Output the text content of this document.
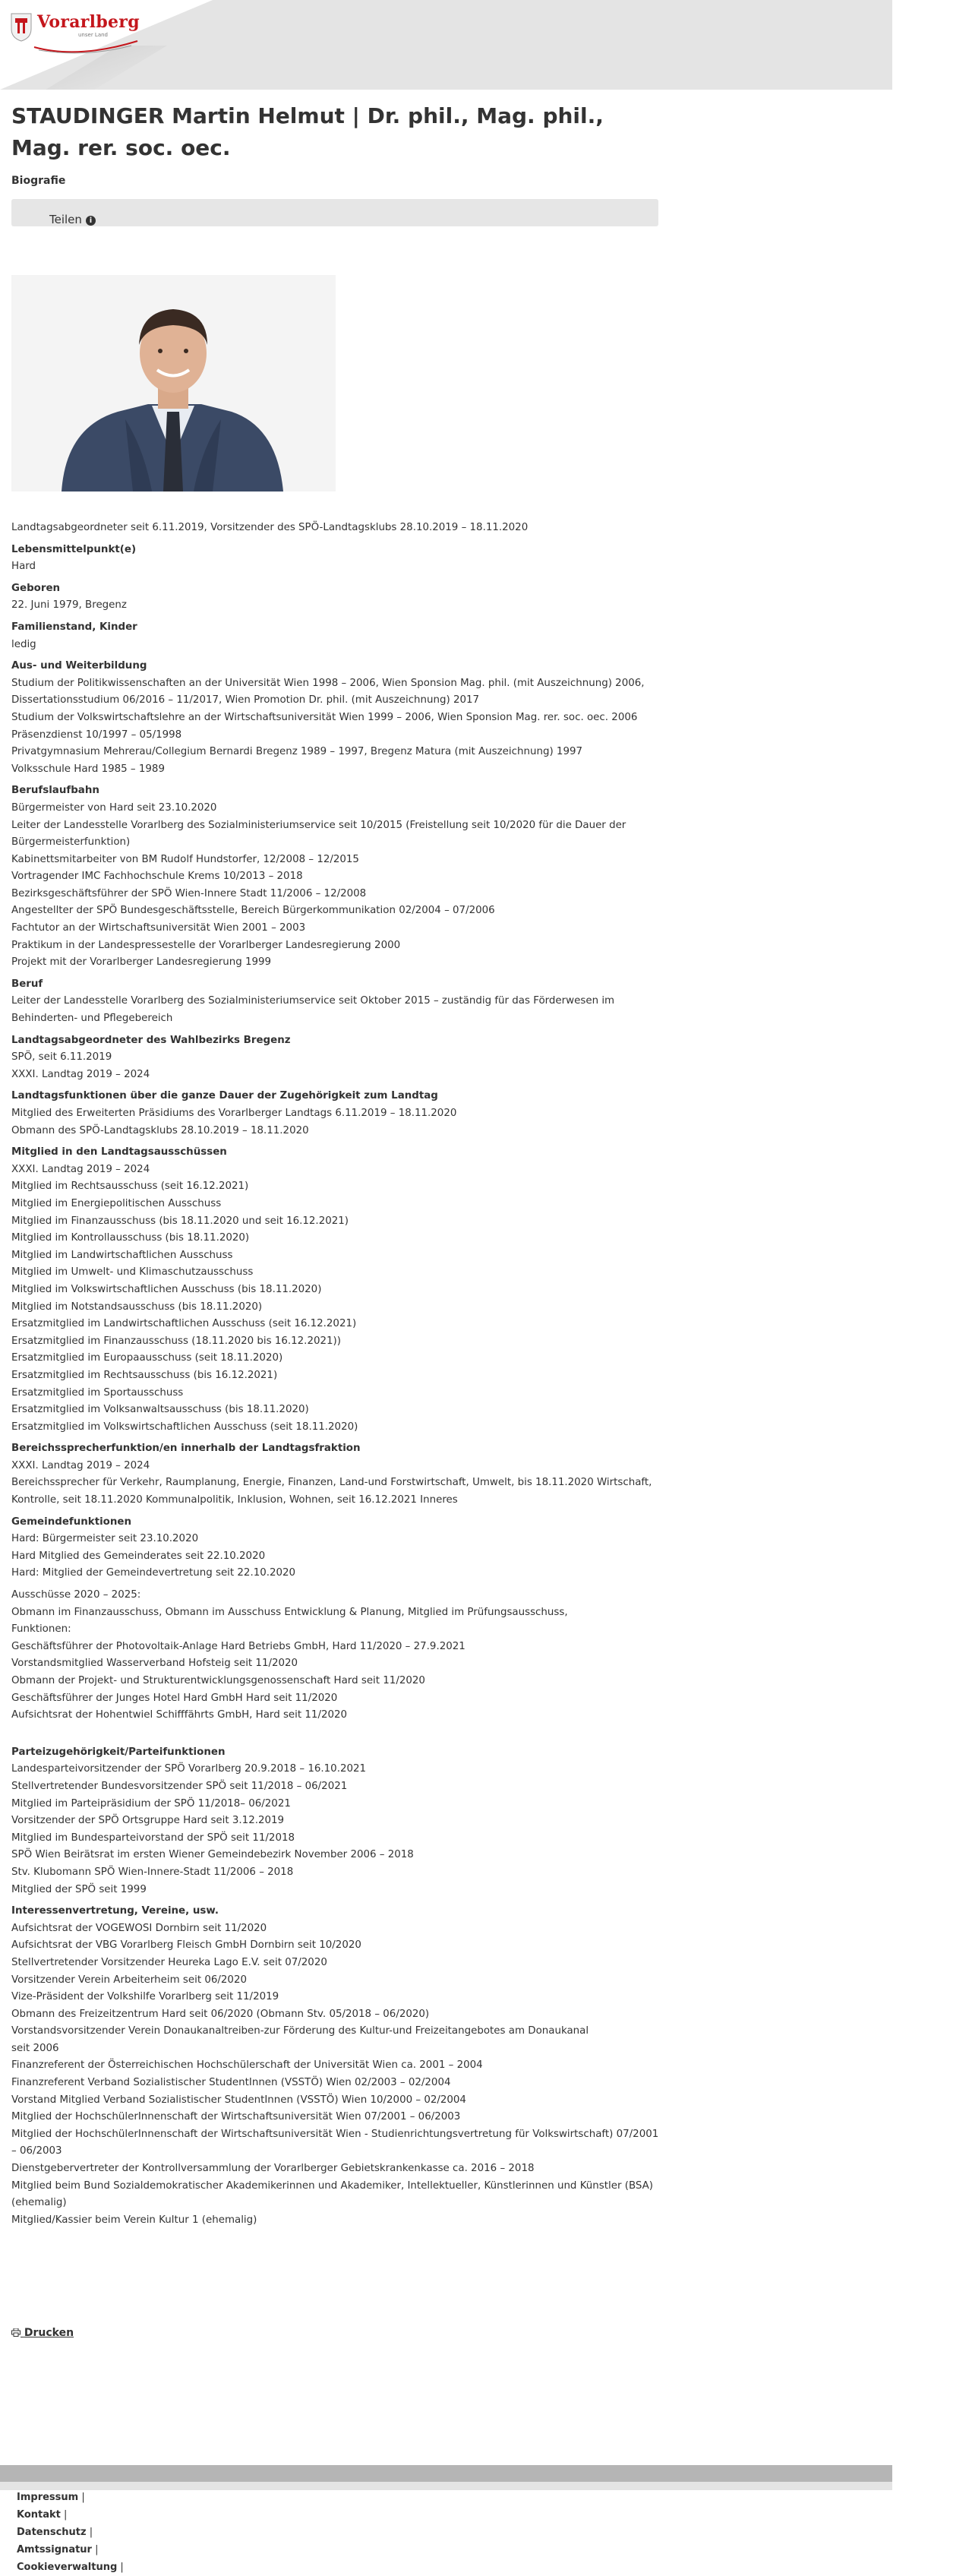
Vorarlberg
unser Land
STAUDINGER Martin Helmut | Dr. phil., Mag. phil., Mag. rer. soc. oec.
Biografie
Teilen i
Landtagsabgeordneter seit 6.11.2019, Vorsitzender des SPÖ-Landtagsklubs 28.10.2019 – 18.11.2020
Lebensmittelpunkt(e)
Hard
Geboren
22. Juni 1979, Bregenz
Familienstand, Kinder
ledig
Aus- und Weiterbildung
Studium der Politikwissenschaften an der Universität Wien 1998 – 2006, Wien Sponsion Mag. phil. (mit Auszeichnung) 2006,
Dissertationsstudium 06/2016 – 11/2017, Wien Promotion Dr. phil. (mit Auszeichnung) 2017
Studium der Volkswirtschaftslehre an der Wirtschaftsuniversität Wien 1999 – 2006, Wien Sponsion Mag. rer. soc. oec. 2006
Präsenzdienst 10/1997 – 05/1998
Privatgymnasium Mehrerau/Collegium Bernardi Bregenz 1989 – 1997, Bregenz Matura (mit Auszeichnung) 1997
Volksschule Hard 1985 – 1989
Berufslaufbahn
Bürgermeister von Hard seit 23.10.2020
Leiter der Landesstelle Vorarlberg des Sozialministeriumservice seit 10/2015 (Freistellung seit 10/2020 für die Dauer der
Bürgermeisterfunktion)
Kabinettsmitarbeiter von BM Rudolf Hundstorfer, 12/2008 – 12/2015
Vortragender IMC Fachhochschule Krems 10/2013 – 2018
Bezirksgeschäftsführer der SPÖ Wien-Innere Stadt 11/2006 – 12/2008
Angestellter der SPÖ Bundesgeschäftsstelle, Bereich Bürgerkommunikation 02/2004 – 07/2006
Fachtutor an der Wirtschaftsuniversität Wien 2001 – 2003
Praktikum in der Landespressestelle der Vorarlberger Landesregierung 2000
Projekt mit der Vorarlberger Landesregierung 1999
Beruf
Leiter der Landesstelle Vorarlberg des Sozialministeriumservice seit Oktober 2015 – zuständig für das Förderwesen im
Behinderten- und Pflegebereich
Landtagsabgeordneter des Wahlbezirks Bregenz
SPÖ, seit 6.11.2019
XXXI. Landtag 2019 – 2024
Landtagsfunktionen über die ganze Dauer der Zugehörigkeit zum Landtag
Mitglied des Erweiterten Präsidiums des Vorarlberger Landtags 6.11.2019 – 18.11.2020
Obmann des SPÖ-Landtagsklubs 28.10.2019 – 18.11.2020
Mitglied in den Landtagsausschüssen
XXXI. Landtag 2019 – 2024
Mitglied im Rechtsausschuss (seit 16.12.2021)
Mitglied im Energiepolitischen Ausschuss
Mitglied im Finanzausschuss (bis 18.11.2020 und seit 16.12.2021)
Mitglied im Kontrollausschuss (bis 18.11.2020)
Mitglied im Landwirtschaftlichen Ausschuss
Mitglied im Umwelt- und Klimaschutzausschuss
Mitglied im Volkswirtschaftlichen Ausschuss (bis 18.11.2020)
Mitglied im Notstandsausschuss (bis 18.11.2020)
Ersatzmitglied im Landwirtschaftlichen Ausschuss (seit 16.12.2021)
Ersatzmitglied im Finanzausschuss (18.11.2020 bis 16.12.2021))
Ersatzmitglied im Europaausschuss (seit 18.11.2020)
Ersatzmitglied im Rechtsausschuss (bis 16.12.2021)
Ersatzmitglied im Sportausschuss
Ersatzmitglied im Volksanwaltsausschuss (bis 18.11.2020)
Ersatzmitglied im Volkswirtschaftlichen Ausschuss (seit 18.11.2020)
Bereichssprecherfunktion/en innerhalb der Landtagsfraktion
XXXI. Landtag 2019 – 2024
Bereichssprecher für Verkehr, Raumplanung, Energie, Finanzen, Land-und Forstwirtschaft, Umwelt, bis 18.11.2020 Wirtschaft,
Kontrolle, seit 18.11.2020 Kommunalpolitik, Inklusion, Wohnen, seit 16.12.2021 Inneres
Gemeindefunktionen
Hard: Bürgermeister seit 23.10.2020
Hard Mitglied des Gemeinderates seit 22.10.2020
Hard: Mitglied der Gemeindevertretung seit 22.10.2020
Ausschüsse 2020 – 2025:
Obmann im Finanzausschuss, Obmann im Ausschuss Entwicklung & Planung, Mitglied im Prüfungsausschuss,
Funktionen:
Geschäftsführer der Photovoltaik-Anlage Hard Betriebs GmbH, Hard 11/2020 – 27.9.2021
Vorstandsmitglied Wasserverband Hofsteig seit 11/2020
Obmann der Projekt- und Strukturentwicklungsgenossenschaft Hard seit 11/2020
Geschäftsführer der Junges Hotel Hard GmbH Hard seit 11/2020
Aufsichtsrat der Hohentwiel Schifffährts GmbH, Hard seit 11/2020
Parteizugehörigkeit/Parteifunktionen
Landesparteivorsitzender der SPÖ Vorarlberg 20.9.2018 – 16.10.2021
Stellvertretender Bundesvorsitzender SPÖ seit 11/2018 – 06/2021
Mitglied im Parteipräsidium der SPÖ 11/2018– 06/2021
Vorsitzender der SPÖ Ortsgruppe Hard seit 3.12.2019
Mitglied im Bundesparteivorstand der SPÖ seit 11/2018
SPÖ Wien Beirätsrat im ersten Wiener Gemeindebezirk November 2006 – 2018
Stv. Klubomann SPÖ Wien-Innere-Stadt 11/2006 – 2018
Mitglied der SPÖ seit 1999
Interessenvertretung, Vereine, usw.
Aufsichtsrat der VOGEWOSI Dornbirn seit 11/2020
Aufsichtsrat der VBG Vorarlberg Fleisch GmbH Dornbirn seit 10/2020
Stellvertretender Vorsitzender Heureka Lago E.V. seit 07/2020
Vorsitzender Verein Arbeiterheim seit 06/2020
Vize-Präsident der Volkshilfe Vorarlberg seit 11/2019
Obmann des Freizeitzentrum Hard seit 06/2020 (Obmann Stv. 05/2018 – 06/2020)
Vorstandsvorsitzender Verein Donaukanaltreiben-zur Förderung des Kultur-und Freizeitangebotes am Donaukanal
seit 2006
Finanzreferent der Österreichischen Hochschülerschaft der Universität Wien ca. 2001 – 2004
Finanzreferent Verband Sozialistischer StudentInnen (VSSTÖ) Wien 02/2003 – 02/2004
Vorstand Mitglied Verband Sozialistischer StudentInnen (VSSTÖ) Wien 10/2000 – 02/2004
Mitglied der HochschülerInnenschaft der Wirtschaftsuniversität Wien 07/2001 – 06/2003
Mitglied der HochschülerInnenschaft der Wirtschaftsuniversität Wien - Studienrichtungsvertretung für Volkswirtschaft) 07/2001
– 06/2003
Dienstgebervertreter der Kontrollversammlung der Vorarlberger Gebietskrankenkasse ca. 2016 – 2018
Mitglied beim Bund Sozialdemokratischer Akademikerinnen und Akademiker, Intellektueller, Künstlerinnen und Künstler (BSA)
(ehemalig)
Mitglied/Kassier beim Verein Kultur 1 (ehemalig)
Drucken
Impressum |
Kontakt |
Datenschutz |
Amtssignatur |
Cookieverwaltung |
